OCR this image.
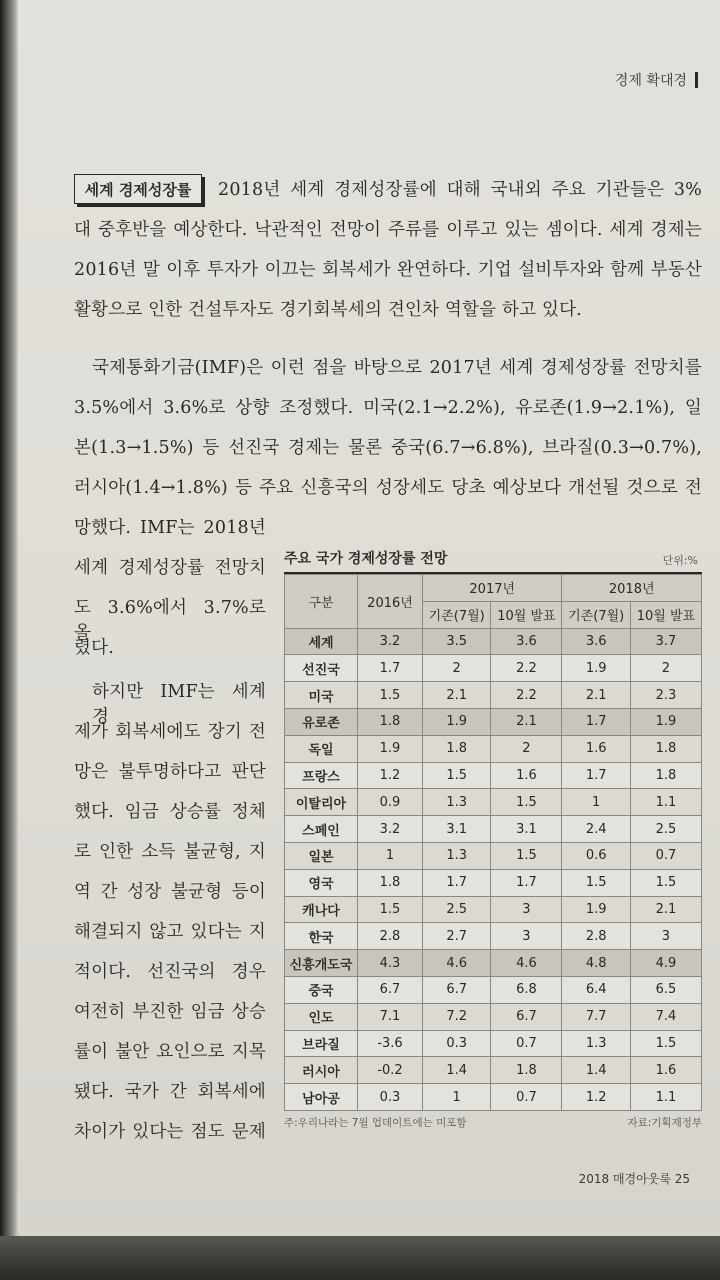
경제 확대경
세계 경제성장률	2018년 세계 경제성장률에 대해 국내외 주요 기관들은 3%
대 중후반을 예상한다. 낙관적인 전망이 주류를 이루고 있는 셈이다. 세계 경제는
2016년 말 이후 투자가 이끄는 회복세가 완연하다. 기업 설비투자와 함께 부동산
활황으로 인한 건설투자도 경기회복세의 견인차 역할을 하고 있다.
국제통화기금(IMF)은 이런 점을 바탕으로 2017년 세계 경제성장률 전망치를
3.5%에서 3.6%로 상향 조정했다. 미국(2.1→2.2%), 유로존(1.9→2.1%), 일
본(1.3→1.5%) 등 선진국 경제는 물론 중국(6.7→6.8%), 브라질(0.3→0.7%),
러시아(1.4→1.8%) 등 주요 신흥국의 성장세도 당초 예상보다 개선될 것으로 전
망했다. IMF는 2018년
세계 경제성장률 전망치
도 3.6%에서 3.7%로 올
렸다.
하지만 IMF는 세계 경
제가 회복세에도 장기 전
망은 불투명하다고 판단
했다. 임금 상승률 정체
로 인한 소득 불균형, 지
역 간 성장 불균형 등이
해결되지 않고 있다는 지
적이다. 선진국의 경우
여전히 부진한 임금 상승
률이 불안 요인으로 지목
됐다. 국가 간 회복세에
차이가 있다는 점도 문제
주요 국가 경제성장률 전망	단위:%
구분	2016년	2017년		2018년	
		기존(7월)	10월 발표	기존(7월)	10월 발표
세계	3.2	3.5	3.6	3.6	3.7
선진국	1.7	2	2.2	1.9	2
미국	1.5	2.1	2.2	2.1	2.3
유로존	1.8	1.9	2.1	1.7	1.9
독일	1.9	1.8	2	1.6	1.8
프랑스	1.2	1.5	1.6	1.7	1.8
이탈리아	0.9	1.3	1.5	1	1.1
스페인	3.2	3.1	3.1	2.4	2.5
일본	1	1.3	1.5	0.6	0.7
영국	1.8	1.7	1.7	1.5	1.5
캐나다	1.5	2.5	3	1.9	2.1
한국	2.8	2.7	3	2.8	3
신흥개도국	4.3	4.6	4.6	4.8	4.9
중국	6.7	6.7	6.8	6.4	6.5
인도	7.1	7.2	6.7	7.7	7.4
브라질	-3.6	0.3	0.7	1.3	1.5
러시아	-0.2	1.4	1.8	1.4	1.6
남아공	0.3	1	0.7	1.2	1.1
주:우리나라는 7월 업데이트에는 미포함	자료:기획재정부
2018 매경아웃룩 25
